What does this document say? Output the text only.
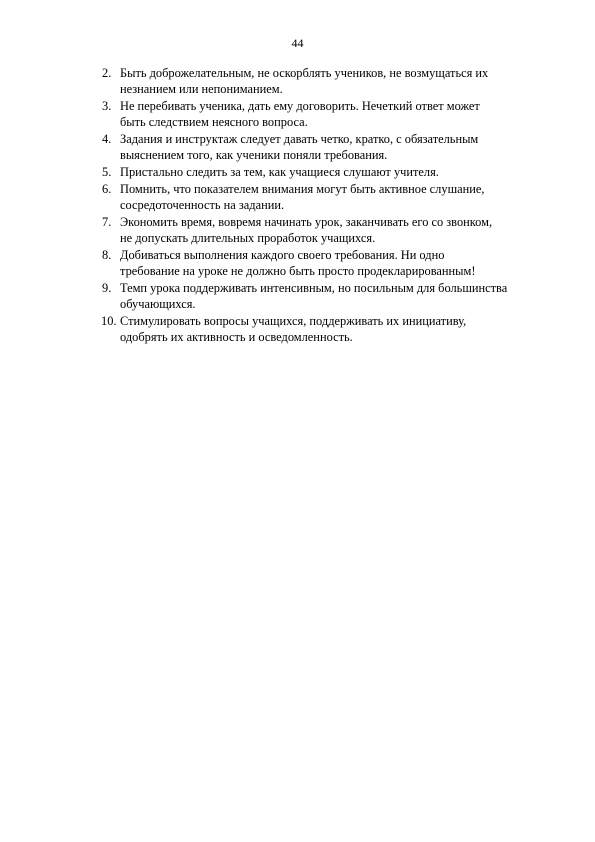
44
2. Быть доброжелательным, не оскорблять учеников, не возмущаться их
незнанием или непониманием.
3. Не перебивать ученика, дать ему договорить. Нечеткий ответ может
быть следствием неясного вопроса.
4. Задания и инструктаж следует давать четко, кратко, с обязательным
выяснением того, как ученики поняли требования.
5. Пристально следить за тем, как учащиеся слушают учителя.
6. Помнить, что показателем внимания могут быть активное слушание,
сосредоточенность на задании.
7. Экономить время, вовремя начинать урок, заканчивать его со звонком,
не допускать длительных проработок учащихся.
8. Добиваться выполнения каждого своего требования. Ни одно
требование на уроке не должно быть просто продекларированным!
9. Темп урока поддерживать интенсивным, но посильным для большинства
обучающихся.
10. Стимулировать вопросы учащихся, поддерживать их инициативу,
одобрять их активность и осведомленность.
